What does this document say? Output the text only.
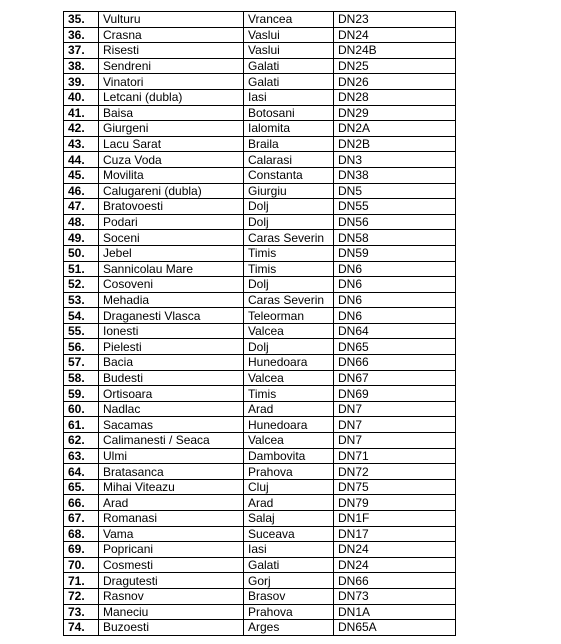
35.	Vulturu	Vrancea	DN23
36.	Crasna	Vaslui	DN24
37.	Risesti	Vaslui	DN24B
38.	Sendreni	Galati	DN25
39.	Vinatori	Galati	DN26
40.	Letcani (dubla)	Iasi	DN28
41.	Baisa	Botosani	DN29
42.	Giurgeni	Ialomita	DN2A
43.	Lacu Sarat	Braila	DN2B
44.	Cuza Voda	Calarasi	DN3
45.	Movilita	Constanta	DN38
46.	Calugareni (dubla)	Giurgiu	DN5
47.	Bratovoesti	Dolj	DN55
48.	Podari	Dolj	DN56
49.	Soceni	Caras Severin	DN58
50.	Jebel	Timis	DN59
51.	Sannicolau Mare	Timis	DN6
52.	Cosoveni	Dolj	DN6
53.	Mehadia	Caras Severin	DN6
54.	Draganesti Vlasca	Teleorman	DN6
55.	Ionesti	Valcea	DN64
56.	Pielesti	Dolj	DN65
57.	Bacia	Hunedoara	DN66
58.	Budesti	Valcea	DN67
59.	Ortisoara	Timis	DN69
60.	Nadlac	Arad	DN7
61.	Sacamas	Hunedoara	DN7
62.	Calimanesti / Seaca	Valcea	DN7
63.	Ulmi	Dambovita	DN71
64.	Bratasanca	Prahova	DN72
65.	Mihai Viteazu	Cluj	DN75
66.	Arad	Arad	DN79
67.	Romanasi	Salaj	DN1F
68.	Vama	Suceava	DN17
69.	Popricani	Iasi	DN24
70.	Cosmesti	Galati	DN24
71.	Dragutesti	Gorj	DN66
72.	Rasnov	Brasov	DN73
73.	Maneciu	Prahova	DN1A
74.	Buzoesti	Arges	DN65A
